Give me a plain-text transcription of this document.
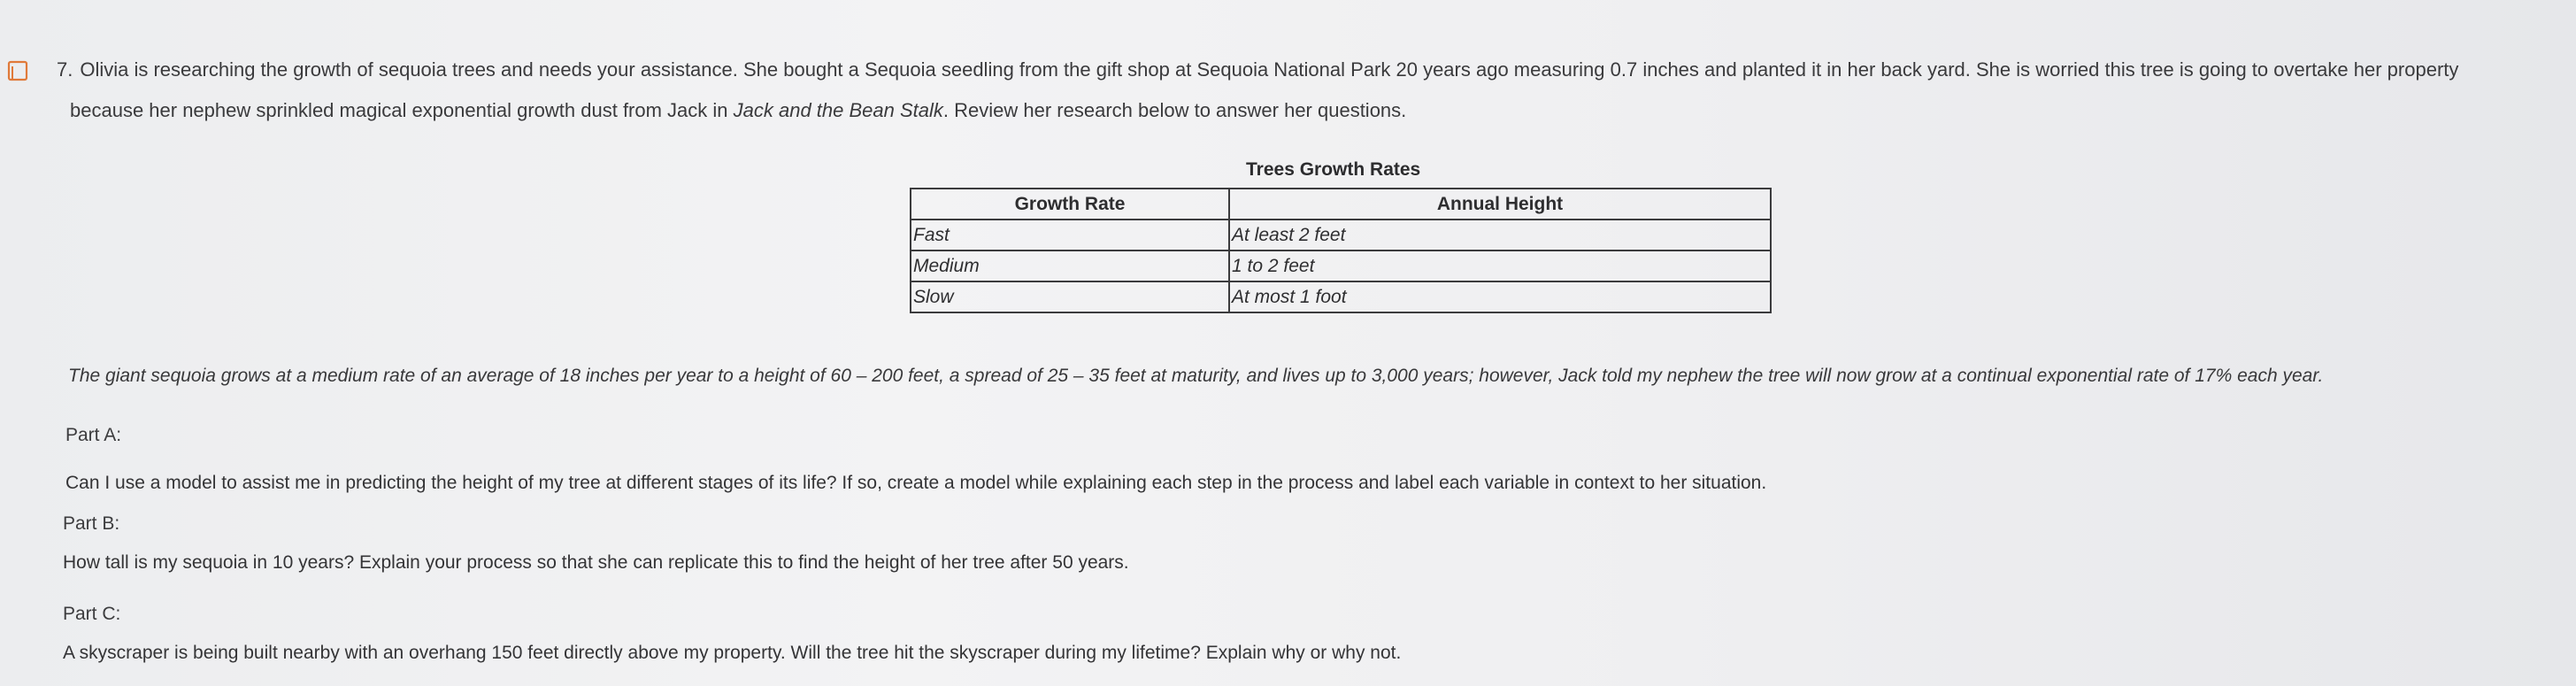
7. Olivia is researching the growth of sequoia trees and needs your assistance. She bought a Sequoia seedling from the gift shop at Sequoia National Park 20 years ago measuring 0.7 inches and planted it in her back yard. She is worried this tree is going to overtake her property
because her nephew sprinkled magical exponential growth dust from Jack in Jack and the Bean Stalk. Review her research below to answer her questions.
Trees Growth Rates
Growth Rate	Annual Height
Fast	At least 2 feet
Medium	1 to 2 feet
Slow	At most 1 foot
The giant sequoia grows at a medium rate of an average of 18 inches per year to a height of 60 – 200 feet, a spread of 25 – 35 feet at maturity, and lives up to 3,000 years; however, Jack told my nephew the tree will now grow at a continual exponential rate of 17% each year.
Part A:
Can I use a model to assist me in predicting the height of my tree at different stages of its life? If so, create a model while explaining each step in the process and label each variable in context to her situation.
Part B:
How tall is my sequoia in 10 years? Explain your process so that she can replicate this to find the height of her tree after 50 years.
Part C:
A skyscraper is being built nearby with an overhang 150 feet directly above my property. Will the tree hit the skyscraper during my lifetime? Explain why or why not.
